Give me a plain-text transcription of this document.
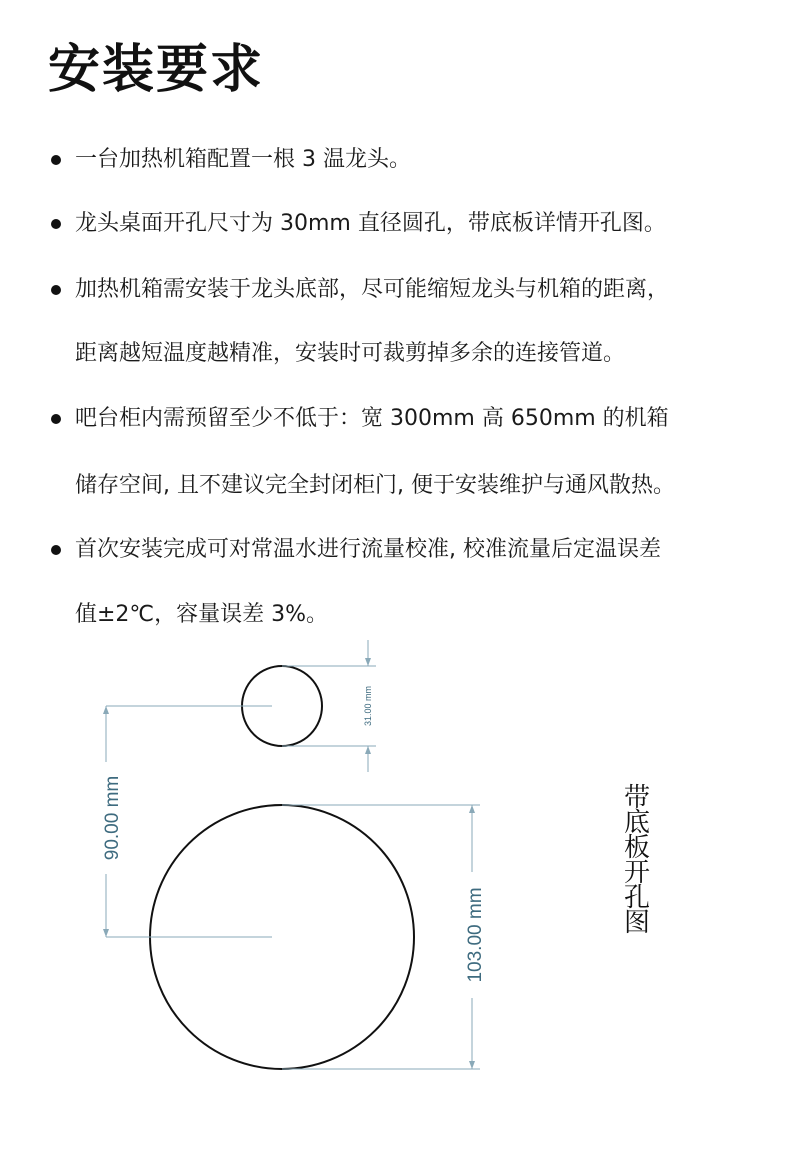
安装要求
一台加热机箱配置一根 3 温龙头。
龙头桌面开孔尺寸为 30mm 直径圆孔，带底板详情开孔图。
加热机箱需安装于龙头底部，尽可能缩短龙头与机箱的距离，
距离越短温度越精准，安装时可裁剪掉多余的连接管道。
吧台柜内需预留至少不低于：宽 300mm 高 650mm 的机箱
储存空间, 且不建议完全封闭柜门, 便于安装维护与通风散热。
首次安装完成可对常温水进行流量校准, 校准流量后定温误差
值±2℃，容量误差 3%。
31.00 mm
90.00 mm
103.00 mm
带
底
板
开
孔
图
